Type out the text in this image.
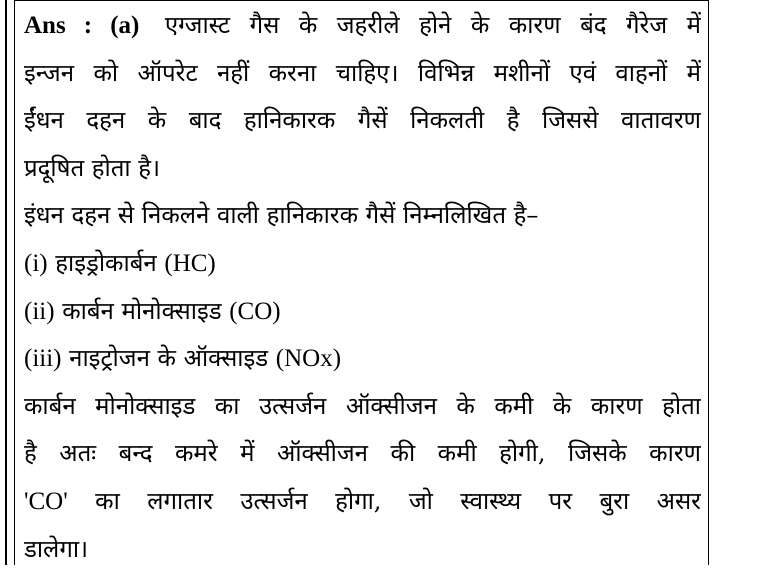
Ans : (a) एग्जास्ट गैस के जहरीले होने के कारण बंद गैरेज में
इन्जन को ऑपरेट नहीं करना चाहिए। विभिन्न मशीनों एवं वाहनों में
ईंधन दहन के बाद हानिकारक गैसें निकलती है जिससे वातावरण
प्रदूषित होता है।
इंधन दहन से निकलने वाली हानिकारक गैसें निम्नलिखित है–
(i) हाइड्रोकार्बन (HC)
(ii) कार्बन मोनोक्साइड (CO)
(iii) नाइट्रोजन के ऑक्साइड (NOx)
कार्बन मोनोक्साइड का उत्सर्जन ऑक्सीजन के कमी के कारण होता
है अतः बन्द कमरे में ऑक्सीजन की कमी होगी, जिसके कारण
'CO' का लगातार उत्सर्जन होगा, जो स्वास्थ्य पर बुरा असर
डालेगा।
